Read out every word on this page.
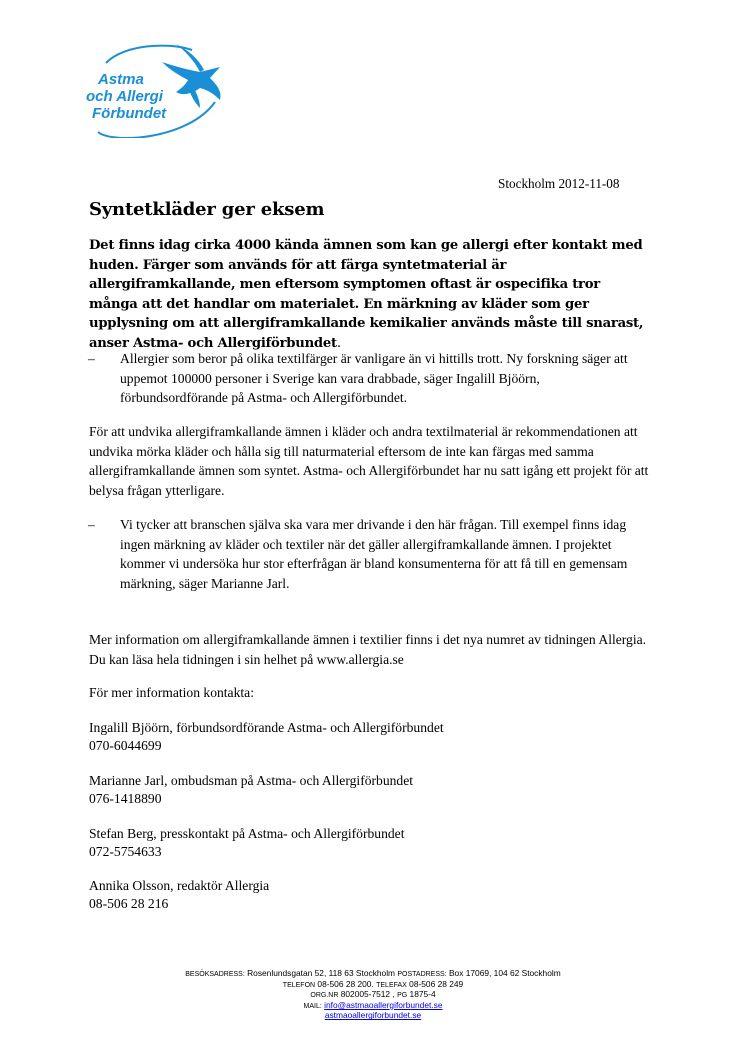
Astma
och Allergi
Förbundet
Stockholm 2012-11-08
Syntetkläder ger eksem

Det finns idag cirka 4000 kända ämnen som kan ge allergi efter kontakt med huden. Färger som används för att färga syntetmaterial är allergiframkallande, men eftersom symptomen oftast är ospecifika tror många att det handlar om materialet. En märkning av kläder som ger upplysning om att allergiframkallande kemikalier används måste till snarast, anser Astma- och Allergiförbundet.

– Allergier som beror på olika textilfärger är vanligare än vi hittills trott. Ny forskning säger att uppemot 100000 personer i Sverige kan vara drabbade, säger Ingalill Bjöörn, förbundsordförande på Astma- och Allergiförbundet.

För att undvika allergiframkallande ämnen i kläder och andra textilmaterial är rekommendationen att undvika mörka kläder och hålla sig till naturmaterial eftersom de inte kan färgas med samma allergiframkallande ämnen som syntet. Astma- och Allergiförbundet har nu satt igång ett projekt för att belysa frågan ytterligare.

– Vi tycker att branschen själva ska vara mer drivande i den här frågan. Till exempel finns idag ingen märkning av kläder och textiler när det gäller allergiframkallande ämnen. I projektet kommer vi undersöka hur stor efterfrågan är bland konsumenterna för att få till en gemensam märkning, säger Marianne Jarl.

Mer information om allergiframkallande ämnen i textilier finns i det nya numret av tidningen Allergia. Du kan läsa hela tidningen i sin helhet på www.allergia.se

För mer information kontakta:

Ingalill Bjöörn, förbundsordförande Astma- och Allergiförbundet
070-6044699
Marianne Jarl, ombudsman på Astma- och Allergiförbundet
076-1418890
Stefan Berg, presskontakt på Astma- och Allergiförbundet
072-5754633
Annika Olsson, redaktör Allergia
08-506 28 216
BESÖKSADRESS: Rosenlundsgatan 52, 118 63 Stockholm POSTADRESS: Box 17069, 104 62 Stockholm
TELEFON 08-506 28 200. TELEFAX 08-506 28 249
ORG.NR 802005-7512 , PG 1875-4
MAIL: info@astmaoallergiforbundet.se
astmaoallergiforbundet.se
